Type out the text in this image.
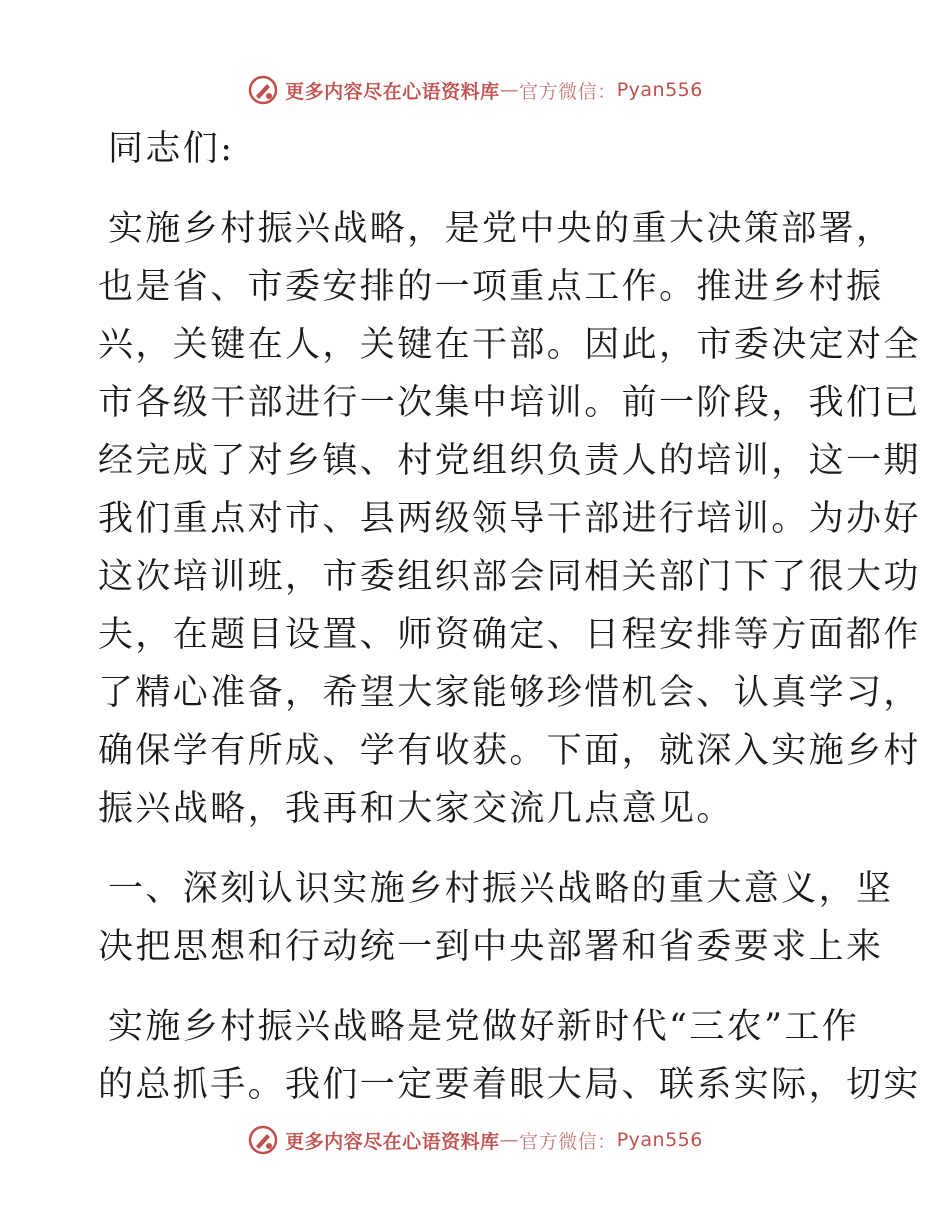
更多内容尽在心语资料库 — 官方微信： Pyan556
同志们:
实施乡村振兴战略，是党中央的重大决策部署，
也是省、市委安排的一项重点工作。推进乡村振
兴，关键在人，关键在干部。因此，市委决定对全
市各级干部进行一次集中培训。前一阶段，我们已
经完成了对乡镇、村党组织负责人的培训，这一期
我们重点对市、县两级领导干部进行培训。为办好
这次培训班，市委组织部会同相关部门下了很大功
夫，在题目设置、师资确定、日程安排等方面都作
了精心准备，希望大家能够珍惜机会、认真学习，
确保学有所成、学有收获。下面，就深入实施乡村
振兴战略，我再和大家交流几点意见。
一、深刻认识实施乡村振兴战略的重大意义，坚
决把思想和行动统一到中央部署和省委要求上来
实施乡村振兴战略是党做好新时代“三农”工作
的总抓手。我们一定要着眼大局、联系实际，切实
更多内容尽在心语资料库 — 官方微信： Pyan556
